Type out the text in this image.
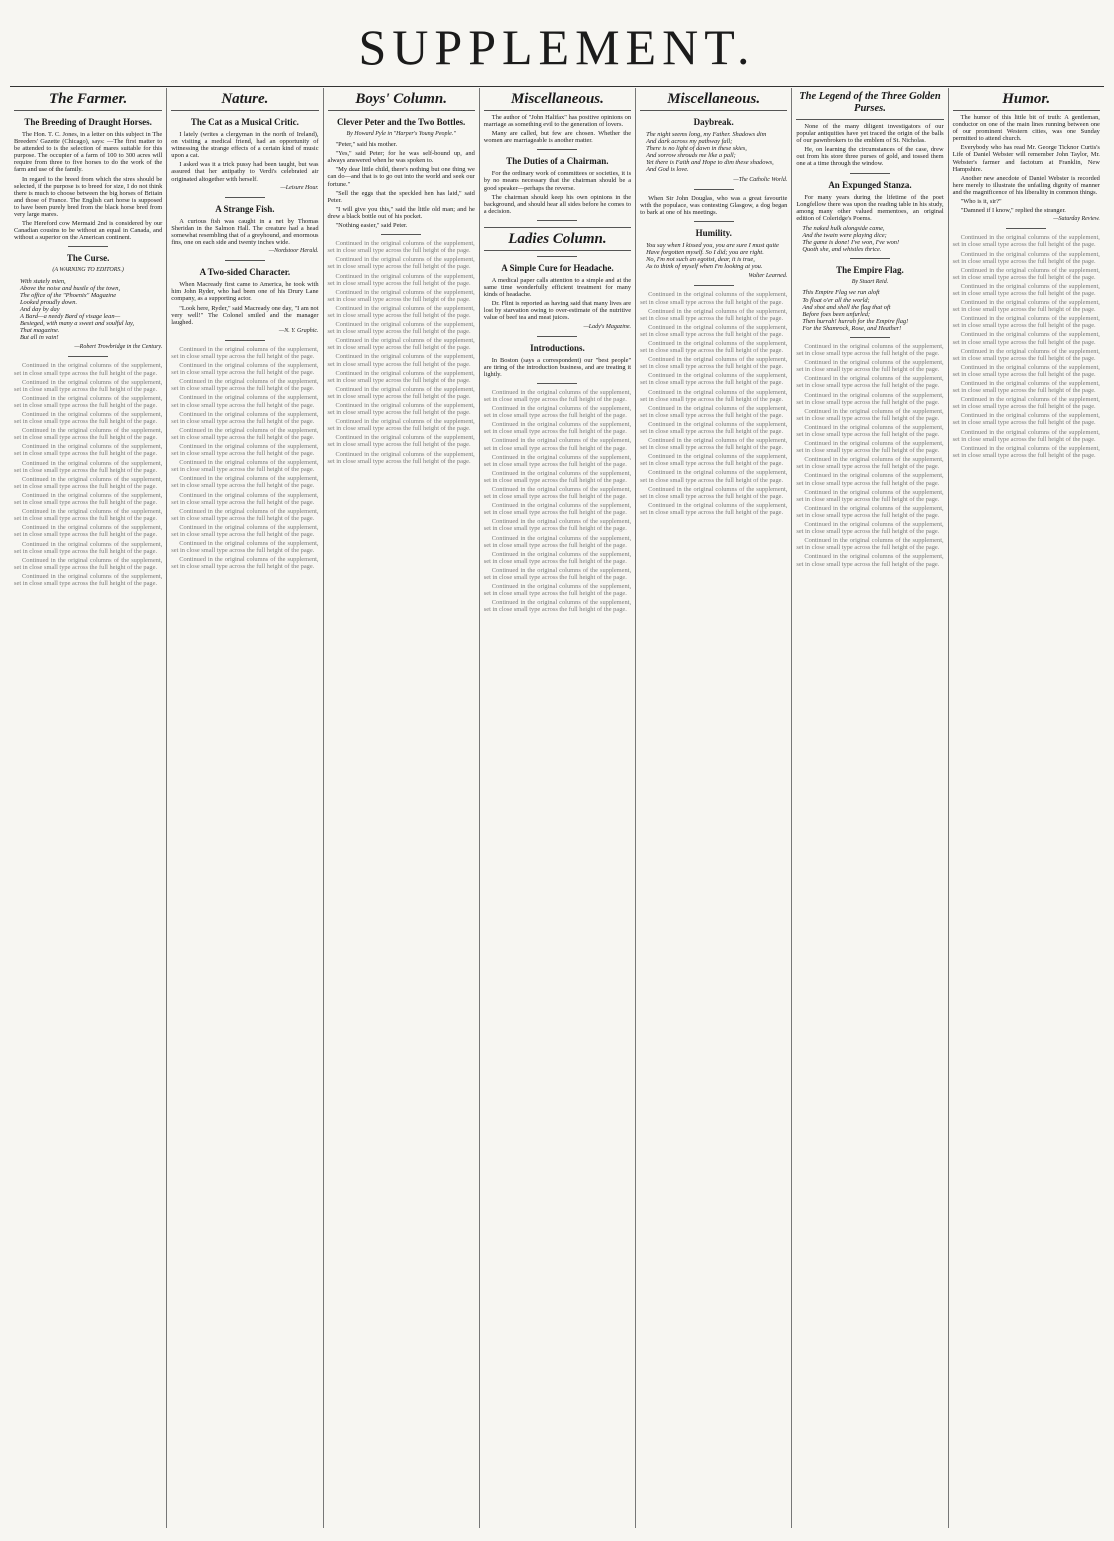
SUPPLEMENT.
The Farmer.
The Breeding of Draught Horses.

The Hon. T. C. Jones, in a letter on this subject in The Breeders' Gazette (Chicago), says: —The first matter to be attended to is the selection of mares suitable for this purpose. The occupier of a farm of 100 to 300 acres will require from three to five horses to do the work of the farm and use of the family.

In regard to the breed from which the sires should be selected, if the purpose is to breed for size, I do not think there is much to choose between the big horses of Britain and those of France. The English cart horse is supposed to have been purely bred from the black horse bred from very large mares.

The Hereford cow Mermaid 2nd is considered by our Canadian cousins to be without an equal in Canada, and without a superior on the American continent.

The Curse.
(A WARNING TO EDITORS.)
With stately mien,
Above the noise and bustle of the town,
The office of the "Phoenix" Magazine
Looked proudly down.
And day by day
A Bard—a needy Bard of visage lean—
Besieged, with many a sweet and soulful lay,
That magazine.
But all in vain!
—Robert Trowbridge in the Century.

Continued in the original columns of the supplement, set in close small type across the full height of the page.

Continued in the original columns of the supplement, set in close small type across the full height of the page.

Continued in the original columns of the supplement, set in close small type across the full height of the page.

Continued in the original columns of the supplement, set in close small type across the full height of the page.

Continued in the original columns of the supplement, set in close small type across the full height of the page.

Continued in the original columns of the supplement, set in close small type across the full height of the page.

Continued in the original columns of the supplement, set in close small type across the full height of the page.

Continued in the original columns of the supplement, set in close small type across the full height of the page.

Continued in the original columns of the supplement, set in close small type across the full height of the page.

Continued in the original columns of the supplement, set in close small type across the full height of the page.

Continued in the original columns of the supplement, set in close small type across the full height of the page.

Continued in the original columns of the supplement, set in close small type across the full height of the page.

Continued in the original columns of the supplement, set in close small type across the full height of the page.

Continued in the original columns of the supplement, set in close small type across the full height of the page.

Nature.
The Cat as a Musical Critic.

I lately (writes a clergyman in the north of Ireland), on visiting a medical friend, had an opportunity of witnessing the strange effects of a certain kind of music upon a cat.

I asked was it a trick pussy had been taught, but was assured that her antipathy to Verdi's celebrated air originated altogether with herself.

—Leisure Hour.
A Strange Fish.

A curious fish was caught in a net by Thomas Sheridan in the Salmon Hall. The creature had a head somewhat resembling that of a greyhound, and enormous fins, one on each side and twenty inches wide.

—Nordstoor Herald.
A Two-sided Character.

When Macready first came to America, he took with him John Ryder, who had been one of his Drury Lane company, as a supporting actor.

"Look here, Ryder," said Macready one day, "I am not very well!" The Colonel smiled and the manager laughed.

—N. Y. Graphic.

Continued in the original columns of the supplement, set in close small type across the full height of the page.

Continued in the original columns of the supplement, set in close small type across the full height of the page.

Continued in the original columns of the supplement, set in close small type across the full height of the page.

Continued in the original columns of the supplement, set in close small type across the full height of the page.

Continued in the original columns of the supplement, set in close small type across the full height of the page.

Continued in the original columns of the supplement, set in close small type across the full height of the page.

Continued in the original columns of the supplement, set in close small type across the full height of the page.

Continued in the original columns of the supplement, set in close small type across the full height of the page.

Continued in the original columns of the supplement, set in close small type across the full height of the page.

Continued in the original columns of the supplement, set in close small type across the full height of the page.

Continued in the original columns of the supplement, set in close small type across the full height of the page.

Continued in the original columns of the supplement, set in close small type across the full height of the page.

Continued in the original columns of the supplement, set in close small type across the full height of the page.

Continued in the original columns of the supplement, set in close small type across the full height of the page.

Boys' Column.
Clever Peter and the Two Bottles.
By Howard Pyle in "Harper's Young People."

"Peter," said his mother.

"Yes," said Peter; for he was self-bound up, and always answered when he was spoken to.

"My dear little child, there's nothing but one thing we can do—and that is to go out into the world and seek our fortune."

"Sell the eggs that the speckled hen has laid," said Peter.

"I will give you this," said the little old man; and he drew a black bottle out of his pocket.

"Nothing easier," said Peter.

Continued in the original columns of the supplement, set in close small type across the full height of the page.

Continued in the original columns of the supplement, set in close small type across the full height of the page.

Continued in the original columns of the supplement, set in close small type across the full height of the page.

Continued in the original columns of the supplement, set in close small type across the full height of the page.

Continued in the original columns of the supplement, set in close small type across the full height of the page.

Continued in the original columns of the supplement, set in close small type across the full height of the page.

Continued in the original columns of the supplement, set in close small type across the full height of the page.

Continued in the original columns of the supplement, set in close small type across the full height of the page.

Continued in the original columns of the supplement, set in close small type across the full height of the page.

Continued in the original columns of the supplement, set in close small type across the full height of the page.

Continued in the original columns of the supplement, set in close small type across the full height of the page.

Continued in the original columns of the supplement, set in close small type across the full height of the page.

Continued in the original columns of the supplement, set in close small type across the full height of the page.

Continued in the original columns of the supplement, set in close small type across the full height of the page.

Miscellaneous.

The author of "John Halifax" has positive opinions on marriage as something evil to the generation of lovers.

Many are called, but few are chosen. Whether the women are marriageable is another matter.

The Duties of a Chairman.

For the ordinary work of committees or societies, it is by no means necessary that the chairman should be a good speaker—perhaps the reverse.

The chairman should keep his own opinions in the background, and should hear all sides before he comes to a decision.

Ladies Column.
A Simple Cure for Headache.

A medical paper calls attention to a simple and at the same time wonderfully efficient treatment for many kinds of headache.

Dr. Flint is reported as having said that many lives are lost by starvation owing to over-estimate of the nutritive value of beef tea and meat juices.

—Lady's Magazine.
Introductions.

In Boston (says a correspondent) our "best people" are tiring of the introduction business, and are treating it lightly.

Continued in the original columns of the supplement, set in close small type across the full height of the page.

Continued in the original columns of the supplement, set in close small type across the full height of the page.

Continued in the original columns of the supplement, set in close small type across the full height of the page.

Continued in the original columns of the supplement, set in close small type across the full height of the page.

Continued in the original columns of the supplement, set in close small type across the full height of the page.

Continued in the original columns of the supplement, set in close small type across the full height of the page.

Continued in the original columns of the supplement, set in close small type across the full height of the page.

Continued in the original columns of the supplement, set in close small type across the full height of the page.

Continued in the original columns of the supplement, set in close small type across the full height of the page.

Continued in the original columns of the supplement, set in close small type across the full height of the page.

Continued in the original columns of the supplement, set in close small type across the full height of the page.

Continued in the original columns of the supplement, set in close small type across the full height of the page.

Continued in the original columns of the supplement, set in close small type across the full height of the page.

Continued in the original columns of the supplement, set in close small type across the full height of the page.

Miscellaneous.
Daybreak.
The night seems long, my Father. Shadows dim
And dark across my pathway fall;
There is no light of dawn in these skies,
And sorrow shrouds me like a pall;
Yet there is Faith and Hope to dim these shadows,
And God is love.
—The Catholic World.

When Sir John Douglas, who was a great favourite with the populace, was contesting Glasgow, a dog began to bark at one of his meetings.

Humility.
You say when I kissed you, you are sure I must quite
Have forgotten myself. So I did; you are right.
No, I'm not such an egotist, dear, it is true,
As to think of myself when I'm looking at you.
Walter Learned.

Continued in the original columns of the supplement, set in close small type across the full height of the page.

Continued in the original columns of the supplement, set in close small type across the full height of the page.

Continued in the original columns of the supplement, set in close small type across the full height of the page.

Continued in the original columns of the supplement, set in close small type across the full height of the page.

Continued in the original columns of the supplement, set in close small type across the full height of the page.

Continued in the original columns of the supplement, set in close small type across the full height of the page.

Continued in the original columns of the supplement, set in close small type across the full height of the page.

Continued in the original columns of the supplement, set in close small type across the full height of the page.

Continued in the original columns of the supplement, set in close small type across the full height of the page.

Continued in the original columns of the supplement, set in close small type across the full height of the page.

Continued in the original columns of the supplement, set in close small type across the full height of the page.

Continued in the original columns of the supplement, set in close small type across the full height of the page.

Continued in the original columns of the supplement, set in close small type across the full height of the page.

Continued in the original columns of the supplement, set in close small type across the full height of the page.

The Legend of the Three Golden Purses.

None of the many diligent investigators of our popular antiquities have yet traced the origin of the balls of our pawnbrokers to the emblem of St. Nicholas.

He, on learning the circumstances of the case, drew out from his store three purses of gold, and tossed them one at a time through the window.

An Expunged Stanza.

For many years during the lifetime of the poet Longfellow there was upon the reading table in his study, among many other valued mementoes, an original edition of Coleridge's Poems.

The naked hulk alongside came,
And the twain were playing dice;
The game is done! I've won, I've won!
Quoth she, and whistles thrice.
The Empire Flag.
By Stuart Reid.
This Empire Flag we run aloft
To float o'er all the world;
And shot and shell the flag that oft
Before foes been unfurled;
Then hurrah! hurrah for the Empire flag!
For the Shamrock, Rose, and Heather!

Continued in the original columns of the supplement, set in close small type across the full height of the page.

Continued in the original columns of the supplement, set in close small type across the full height of the page.

Continued in the original columns of the supplement, set in close small type across the full height of the page.

Continued in the original columns of the supplement, set in close small type across the full height of the page.

Continued in the original columns of the supplement, set in close small type across the full height of the page.

Continued in the original columns of the supplement, set in close small type across the full height of the page.

Continued in the original columns of the supplement, set in close small type across the full height of the page.

Continued in the original columns of the supplement, set in close small type across the full height of the page.

Continued in the original columns of the supplement, set in close small type across the full height of the page.

Continued in the original columns of the supplement, set in close small type across the full height of the page.

Continued in the original columns of the supplement, set in close small type across the full height of the page.

Continued in the original columns of the supplement, set in close small type across the full height of the page.

Continued in the original columns of the supplement, set in close small type across the full height of the page.

Continued in the original columns of the supplement, set in close small type across the full height of the page.

Humor.

The humor of this little bit of truth: A gentleman, conductor on one of the main lines running between one of our prominent Western cities, was one Sunday permitted to attend church.

Everybody who has read Mr. George Ticknor Curtis's Life of Daniel Webster will remember John Taylor, Mr. Webster's farmer and factotum at Franklin, New Hampshire.

Another new anecdote of Daniel Webster is recorded here merely to illustrate the unfailing dignity of manner and the magnificence of his liberality in common things.

"Who is it, sir?"

"Damned if I know," replied the stranger.

—Saturday Review.

Continued in the original columns of the supplement, set in close small type across the full height of the page.

Continued in the original columns of the supplement, set in close small type across the full height of the page.

Continued in the original columns of the supplement, set in close small type across the full height of the page.

Continued in the original columns of the supplement, set in close small type across the full height of the page.

Continued in the original columns of the supplement, set in close small type across the full height of the page.

Continued in the original columns of the supplement, set in close small type across the full height of the page.

Continued in the original columns of the supplement, set in close small type across the full height of the page.

Continued in the original columns of the supplement, set in close small type across the full height of the page.

Continued in the original columns of the supplement, set in close small type across the full height of the page.

Continued in the original columns of the supplement, set in close small type across the full height of the page.

Continued in the original columns of the supplement, set in close small type across the full height of the page.

Continued in the original columns of the supplement, set in close small type across the full height of the page.

Continued in the original columns of the supplement, set in close small type across the full height of the page.

Continued in the original columns of the supplement, set in close small type across the full height of the page.
